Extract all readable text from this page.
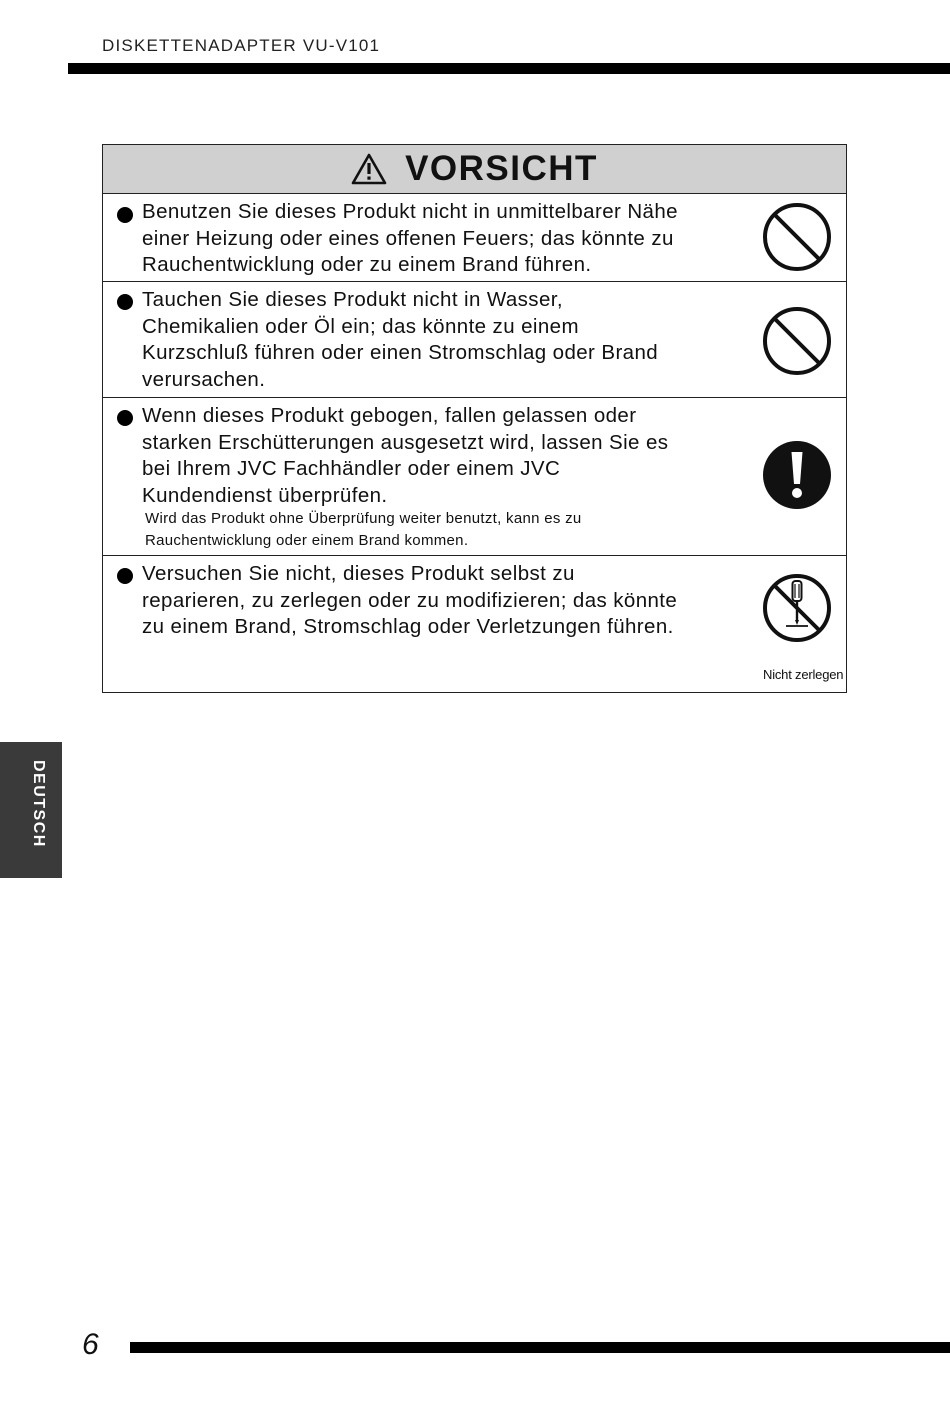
DISKETTENADAPTER VU-V101
VORSICHT
Benutzen Sie dieses Produkt nicht in unmittelbarer Nähe
einer Heizung oder eines offenen Feuers; das könnte zu
Rauchentwicklung oder zu einem Brand führen.
Tauchen Sie dieses Produkt nicht in Wasser,
Chemikalien oder Öl ein; das könnte zu einem
Kurzschluß führen oder einen Stromschlag oder Brand
verursachen.
Wenn dieses Produkt gebogen, fallen gelassen oder
starken Erschütterungen ausgesetzt wird, lassen Sie es
bei Ihrem JVC Fachhändler oder einem JVC
Kundendienst überprüfen.
Wird das Produkt ohne Überprüfung weiter benutzt, kann es zu
Rauchentwicklung oder einem Brand kommen.
Versuchen Sie nicht, dieses Produkt selbst zu
reparieren, zu zerlegen oder zu modifizieren; das könnte
zu einem Brand, Stromschlag oder Verletzungen führen.
Nicht zerlegen
DEUTSCH
6
